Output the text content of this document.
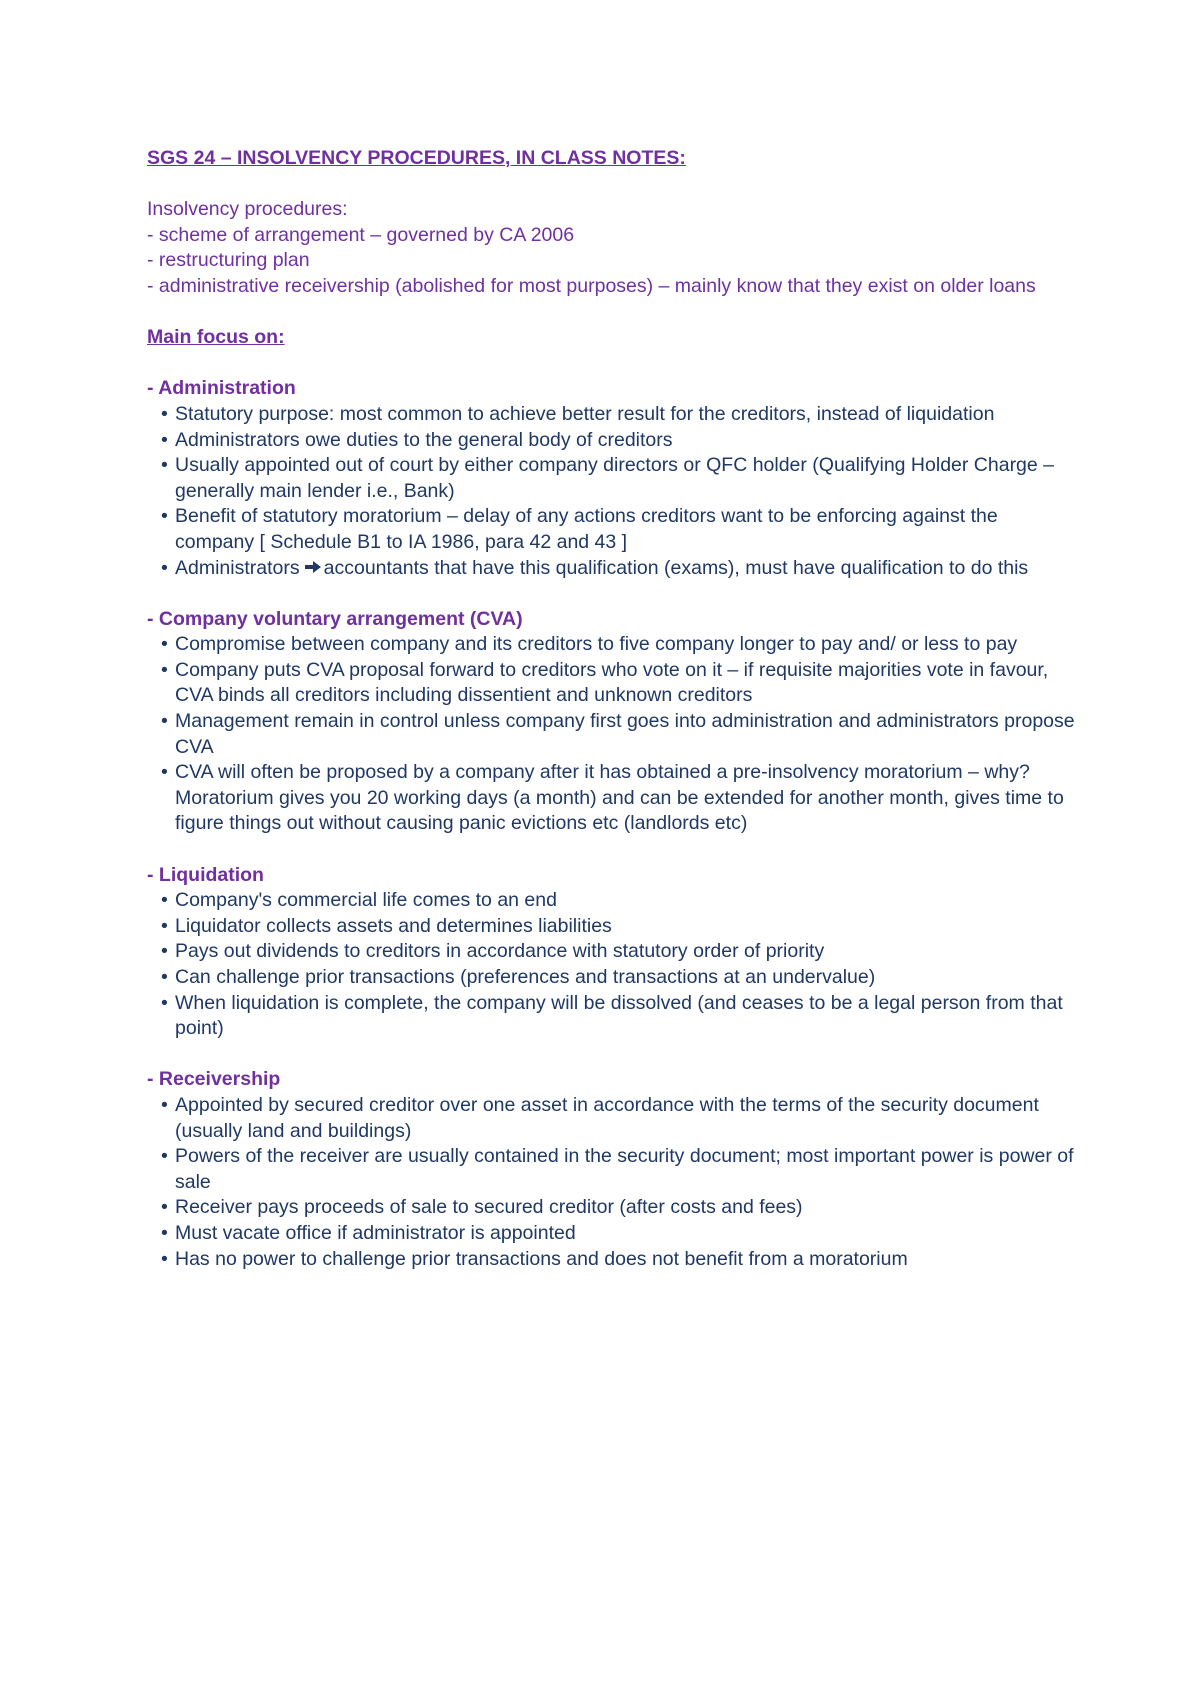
SGS 24 – INSOLVENCY PROCEDURES, IN CLASS NOTES:
Insolvency procedures:
- scheme of arrangement – governed by CA 2006
- restructuring plan
- administrative receivership (abolished for most purposes) – mainly know that they exist on older loans
Main focus on:
- Administration
• Statutory purpose: most common to achieve better result for the creditors, instead of liquidation
• Administrators owe duties to the general body of creditors
• Usually appointed out of court by either company directors or QFC holder (Qualifying Holder Charge – generally main lender i.e., Bank)
• Benefit of statutory moratorium – delay of any actions creditors want to be enforcing against the company [ Schedule B1 to IA 1986, para 42 and 43 ]
• Administrators accountants that have this qualification (exams), must have qualification to do this
- Company voluntary arrangement (CVA)
• Compromise between company and its creditors to five company longer to pay and/ or less to pay
• Company puts CVA proposal forward to creditors who vote on it – if requisite majorities vote in favour, CVA binds all creditors including dissentient and unknown creditors
• Management remain in control unless company first goes into administration and administrators propose CVA
• CVA will often be proposed by a company after it has obtained a pre-insolvency moratorium – why? Moratorium gives you 20 working days (a month) and can be extended for another month, gives time to figure things out without causing panic evictions etc (landlords etc)
- Liquidation
• Company's commercial life comes to an end
• Liquidator collects assets and determines liabilities
• Pays out dividends to creditors in accordance with statutory order of priority
• Can challenge prior transactions (preferences and transactions at an undervalue)
• When liquidation is complete, the company will be dissolved (and ceases to be a legal person from that point)
- Receivership
• Appointed by secured creditor over one asset in accordance with the terms of the security document (usually land and buildings)
• Powers of the receiver are usually contained in the security document; most important power is power of sale
• Receiver pays proceeds of sale to secured creditor (after costs and fees)
• Must vacate office if administrator is appointed
• Has no power to challenge prior transactions and does not benefit from a moratorium
